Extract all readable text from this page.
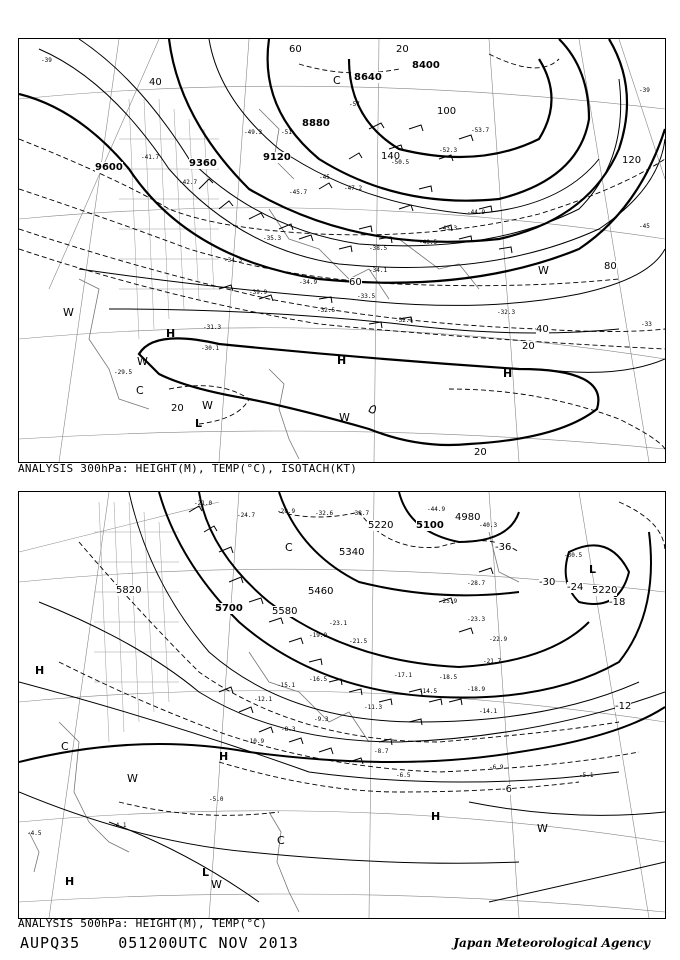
9600	9360
9120
8880
8640
8400
20
40
60
80
100
120
140
20
20
20
40
60
-39
-45
-51
-57
-33
-39
-45
-41.7
-42.7
-44.9
-45.7
-47.2
-49.3
-50.5
-52.3
-53.7
-40.5
-43.3
-38.5
-34.1
-35.3
-34.3
-33.5
-32.5
-32.1
-31.3
-30.1
-29.5
-32.3
-34.9
-39.9
H
H
H
L
C
C
W
W
W
W
W
ANALYSIS 300hPa: HEIGHT(M), TEMP(°C), ISOTACH(KT)
5820
5700	5580
5460
5340
5220 5100
4980
5220
-30
-36
-24
-18
-12
-6
-21.0
-24.7
-28.9	-32.6	-38.7
-44.9
-40.3
-30.5
-28.7
-25.9
-23.1
-21.5
-19.9
-16.5
-15.1
-12.1
-10.9
-8.3
-8.7
-6.9
-5.1
-6.5
-5.0
-4.5
-4.1
-9.3
-11.3
-14.5
-18.5
-18.9
-14.1
-22.9
-21.7
-23.3
-17.1
H
H
H
H
L
L
C
C
C
W
W
W
ANALYSIS 500hPa: HEIGHT(M), TEMP(°C)
AUPQ35	051200UTC NOV 2013	Japan Meteorological Agency
